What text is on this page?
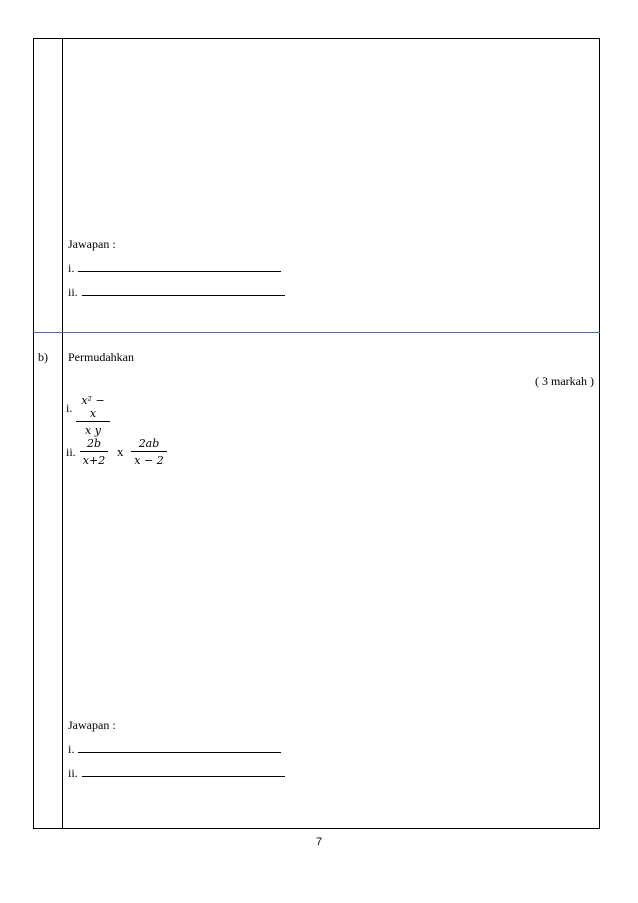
Jawapan :
i.
ii.
b) Permudahkan
( 3 markah )
i.
x² − x
x y
ii.
2b
x+2
x
2ab
x − 2
Jawapan :
i.
ii.
7
